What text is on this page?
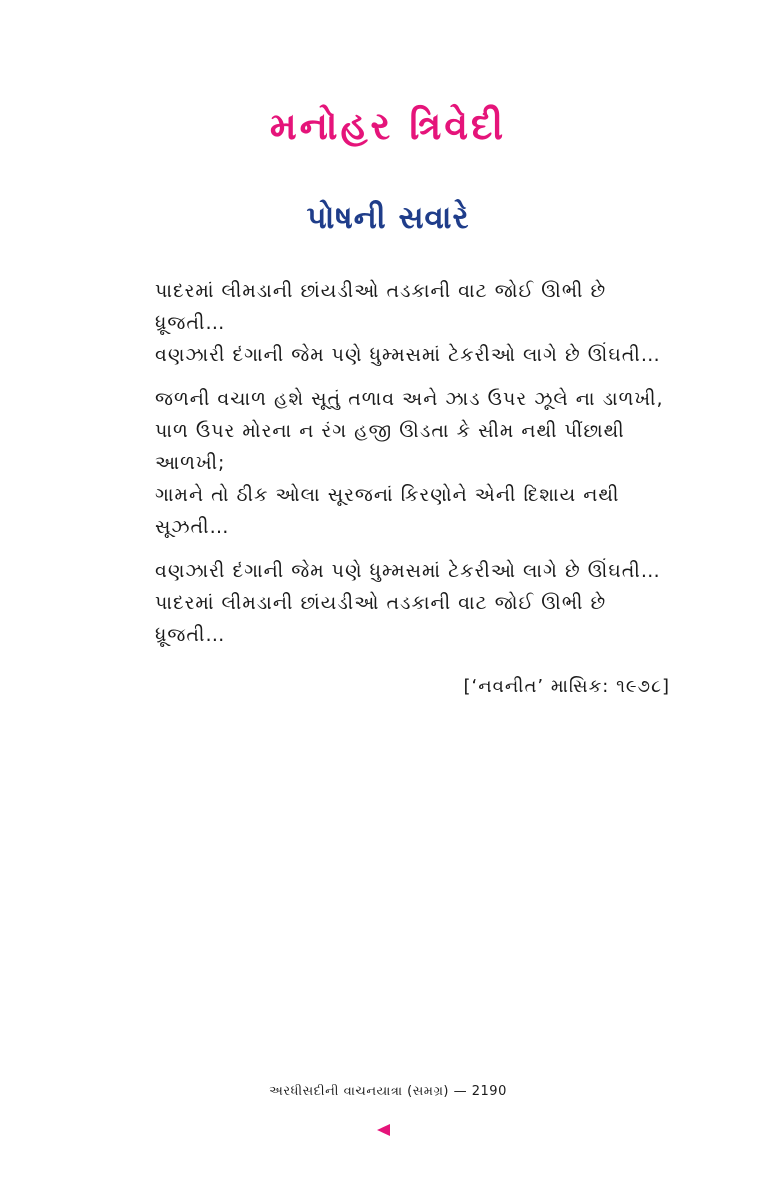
મનોહર ત્રિવેદી
પોષની સવારે
પાદરમાં લીમડાની છાંયડીઓ તડકાની વાટ જોઈ ઊભી છે
ધ્રૂજતી…
વણઝારી દંગાની જેમ પણે ધુમ્મસમાં ટેકરીઓ લાગે છે ઊંઘતી…
જળની વચાળ હશે સૂતું તળાવ અને ઝાડ ઉપર ઝૂલે ના ડાળખી,
પાળ ઉપર મોરના ન રંગ હજી ઊડતા કે સીમ નથી પીંછાથી
આળખી;
ગામને તો ઠીક ઓલા સૂરજનાં કિરણોને એની દિશાય નથી
સૂઝતી…
વણઝારી દંગાની જેમ પણે ધુમ્મસમાં ટેકરીઓ લાગે છે ઊંઘતી…
પાદરમાં લીમડાની છાંયડીઓ તડકાની વાટ જોઈ ઊભી છે
ધ્રૂજતી…
[‘નવનીત’ માસિક: ૧૯૭૮]
અરધીસદીની વાચનયાત્રા (સમગ્ર) — 2190
